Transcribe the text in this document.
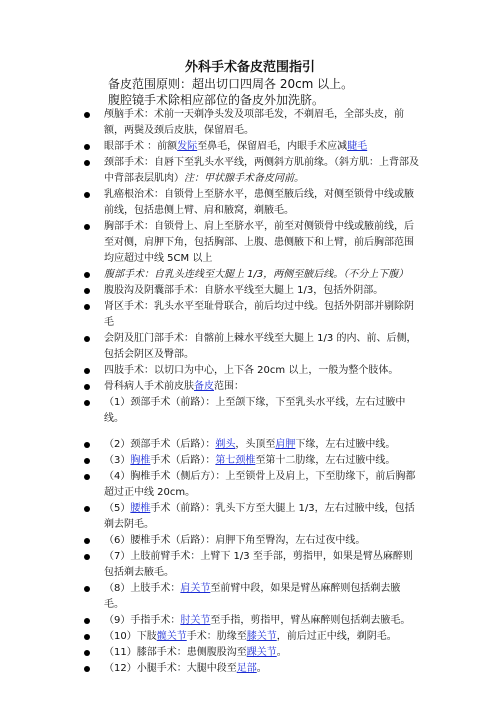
外科手术备皮范围指引
备皮范围原则：超出切口四周各 20cm 以上。
腹腔镜手术除相应部位的备皮外加洗脐。
颅脑手术：术前一天剃净头发及项部毛发，不剃眉毛，全部头皮，前额，两鬓及颈后皮肤，保留眉毛。
眼部手术 ：前额发际至鼻毛，保留眉毛，内眼手术应减睫毛
颈部手术：自唇下至乳头水平线，两侧斜方肌前缘。（斜方肌：上背部及中背部表层肌肉）注：甲状腺手术备皮同前。
乳癌根治术：自锁骨上至脐水平，患侧至腋后线，对侧至锁骨中线或腋前线，包括患侧上臂、肩和腋窝，剃腋毛。
胸部手术：自锁骨上、肩上至脐水平，前至对侧锁骨中线或腋前线，后至对侧，肩胛下角，包括胸部、上腹、患侧腋下和上臂，前后胸部范围均应超过中线 5CM 以上
腹部手术：自乳头连线至大腿上 1/3，两侧至腋后线。（不分上下腹）
腹股沟及阴囊部手术：自脐水平线至大腿上 1/3，包括外阴部。
肾区手术：乳头水平至耻骨联合，前后均过中线。包括外阴部并剔除阴毛
会阴及肛门部手术：自髂前上棘水平线至大腿上 1/3 的内、前、后侧，包括会阴区及臀部。
四肢手术：以切口为中心，上下各 20cm 以上，一般为整个肢体。
骨科病人手术前皮肤备皮范围：
（1）颈部手术（前路）：上至颌下缘，下至乳头水平线，左右过腋中线。
（2）颈部手术（后路）：剃头，头顶至肩胛下缘，左右过腋中线。
（3）胸椎手术（后路）：第七颈椎至第十二肋缘，左右过腋中线。
（4）胸椎手术（侧后方）：上至锁骨上及肩上，下至肋缘下，前后胸都超过正中线 20cm。
（5）腰椎手术（前路）：乳头下方至大腿上 1/3，左右过腋中线，包括剃去阴毛。
（6）腰椎手术（后路）：肩胛下角至臀沟，左右过夜中线。
（7）上肢前臂手术：上臂下 1/3 至手部，剪指甲，如果是臂丛麻醉则包括剃去腋毛。
（8）上肢手术：肩关节至前臂中段，如果是臂丛麻醉则包括剃去腋毛。
（9）手指手术：肘关节至手指，剪指甲，臂丛麻醉则包括剃去腋毛。
（10）下肢髋关节手术：肋缘至膝关节，前后过正中线，剃阴毛。
（11）膝部手术：患侧腹股沟至踝关节。
（12）小腿手术：大腿中段至足部。
